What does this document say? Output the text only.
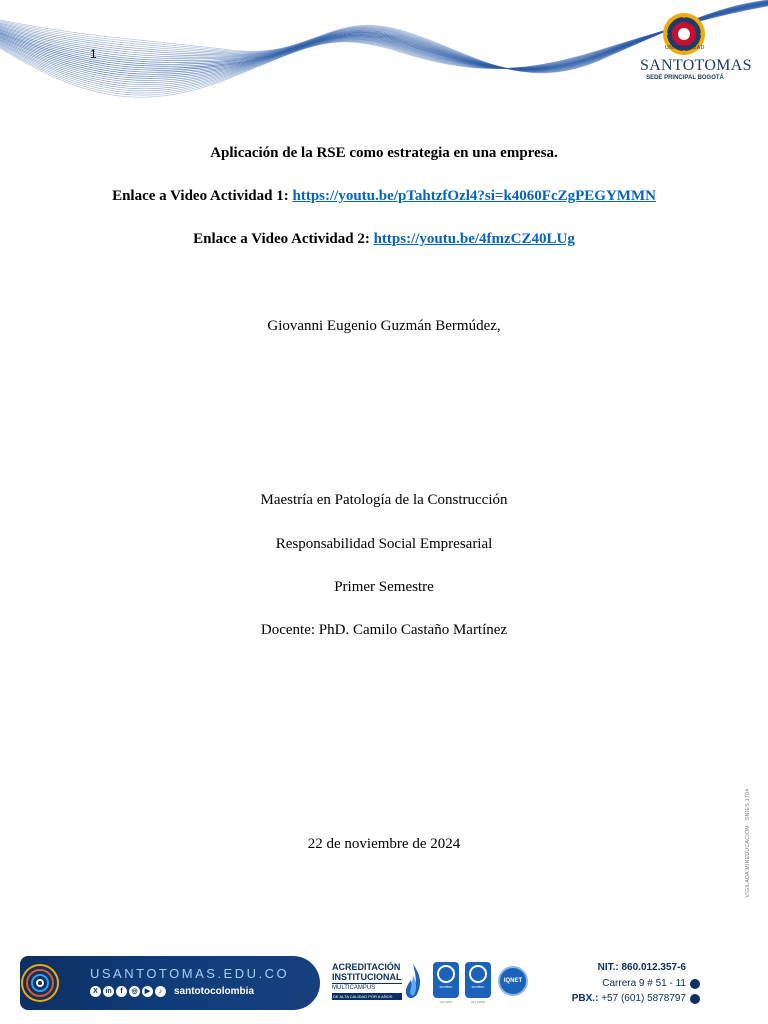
1	UNIVERSIDAD
SANTOTOMAS
SEDE PRINCIPAL BOGOTÁ
Aplicación de la RSE como estrategia en una empresa.
Enlace a Video Actividad 1: https://youtu.be/pTahtzfOzl4?si=k4060FcZgPEGYMMN
Enlace a Video Actividad 2: https://youtu.be/4fmzCZ40LUg
Giovanni Eugenio Guzmán Bermúdez,
Maestría en Patología de la Construcción
Responsabilidad Social Empresarial
Primer Semestre
Docente: PhD. Camilo Castaño Martínez
22 de noviembre de 2024	VIGILADA MINEDUCACIÓN · SNIES 1704
USANTOTOMAS.EDU.CO
X	in	f	◎	▶	♪	santotocolombia
ACREDITACIÓN
INSTITUCIONAL
MULTICAMPUS
DE ALTA CALIDAD POR 6 AÑOS
icontec
ISO 9001
icontec
ISO 21001
IQNET
NIT.: 860.012.357-6
Carrera 9 # 51 - 11
PBX.: +57 (601) 5878797
